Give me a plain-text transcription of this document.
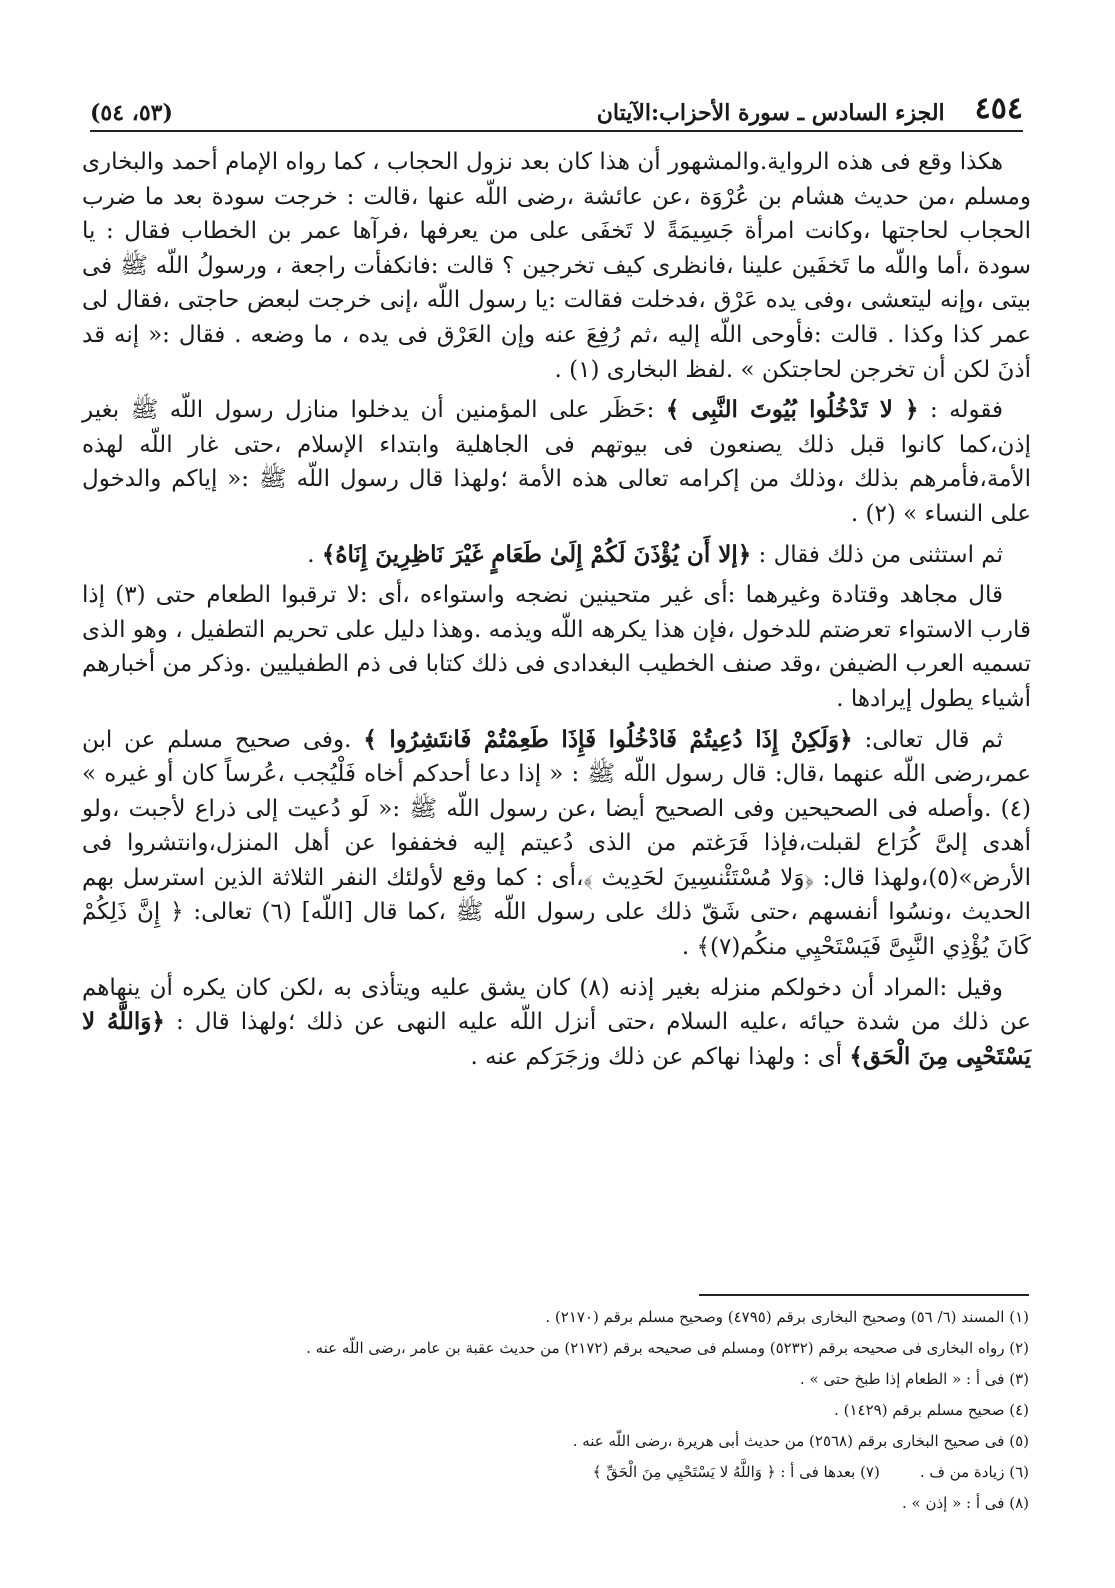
٤٥٤
الجزء السادس ـ سورة الأحزاب:الآيتان
(٥٣، ٥٤)

هكذا وقع فى هذه الرواية.والمشهور أن هذا كان بعد نزول الحجاب ، كما رواه الإمام أحمد والبخارى ومسلم ،من حديث هشام بن عُرْوَة ،عن عائشة ،رضى اللّه عنها ،قالت : خرجت سودة بعد ما ضرب الحجاب لحاجتها ،وكانت امرأة جَسِيمَةً لا تَخفَى على من يعرفها ،فرآها عمر بن الخطاب فقال : يا سودة ،أما واللّه ما تَخفَين علينا ،فانظرى كيف تخرجين ؟ قالت :فانكفأت راجعة ، ورسولُ اللّه ﷺ فى بيتى ،وإنه ليتعشى ،وفى يده عَرْق ،فدخلت فقالت :يا رسول اللّه ،إنى خرجت لبعض حاجتى ،فقال لى عمر كذا وكذا . قالت :فأوحى اللّه إليه ،ثم رُفِعَ عنه وإن العَرْق فى يده ، ما وضعه . فقال :« إنه قد أذنَ لكن أن تخرجن لحاجتكن » .لفظ البخارى (١) .

فقوله : ﴿ لا تَدْخُلُوا بُيُوتَ النَّبِى ﴾ :حَظَر على المؤمنين أن يدخلوا منازل رسول اللّه ﷺ بغير إذن،كما كانوا قبل ذلك يصنعون فى بيوتهم فى الجاهلية وابتداء الإسلام ،حتى غار اللّه لهذه الأمة،فأمرهم بذلك ،وذلك من إكرامه تعالى هذه الأمة ؛ولهذا قال رسول اللّه ﷺ :« إياكم والدخول على النساء » (٢) .

ثم استثنى من ذلك فقال : ﴿إلا أَن يُؤْذَنَ لَكُمْ إِلَىٰ طَعَامٍ غَيْرَ نَاظِرِينَ إِنَاهُ﴾ .

قال مجاهد وقتادة وغيرهما :أى غير متحينين نضجه واستواءه ،أى :لا ترقبوا الطعام حتى (٣) إذا قارب الاستواء تعرضتم للدخول ،فإن هذا يكرهه اللّه ويذمه .وهذا دليل على تحريم التطفيل ، وهو الذى تسميه العرب الضيفن ،وقد صنف الخطيب البغدادى فى ذلك كتابا فى ذم الطفيليين .وذكر من أخبارهم أشياء يطول إيرادها .

ثم قال تعالى: ﴿وَلَكِنْ إِذَا دُعِيتُمْ فَادْخُلُوا فَإِذَا طَعِمْتُمْ فَانتَشِرُوا ﴾ .وفى صحيح مسلم عن ابن عمر،رضى اللّه عنهما ،قال: قال رسول اللّه ﷺ : « إذا دعا أحدكم أخاه فَلْيُجب ،عُرساً كان أو غيره » (٤) .وأصله فى الصحيحين وفى الصحيح أيضا ،عن رسول اللّه ﷺ :« لَو دُعيت إلى ذراع لأجبت ،ولو أهدى إلىَّ كُرَاع لقبلت،فإذا فَرَغتم من الذى دُعيتم إليه فخففوا عن أهل المنزل،وانتشروا فى الأرض»(٥)،ولهذا قال: ﴿وَلا مُسْتَئْنسِينَ لحَدِيث ﴾،أى : كما وقع لأولئك النفر الثلاثة الذين استرسل بهم الحديث ،ونسُوا أنفسهم ،حتى شَقّ ذلك على رسول اللّه ﷺ ،كما قال [اللّه] (٦) تعالى: ﴿ إِنَّ ذَلِكُمْ كَانَ يُؤْذِي النَّبِىَّ فَيَسْتَحْيِي منكُم(٧)﴾ .

وقيل :المراد أن دخولكم منزله بغير إذنه (٨) كان يشق عليه ويتأذى به ،لكن كان يكره أن ينهاهم عن ذلك من شدة حيائه ،عليه السلام ،حتى أنزل اللّه عليه النهى عن ذلك ؛ولهذا قال : ﴿وَاللَّهُ لا يَسْتَحْيِى مِنَ الْحَق﴾ أى : ولهذا نهاكم عن ذلك وزجَرَكم عنه .

(١) المسند (٦/ ٥٦) وصحيح البخارى برقم (٤٧٩٥) وصحيح مسلم برقم (٢١٧٠) .

(٢) رواه البخارى فى صحيحه برقم (٥٢٣٢) ومسلم فى صحيحه برقم (٢١٧٢) من حديث عقبة بن عامر ،رضى اللّه عنه .

(٣) فى أ : « الطعام إذا طبخ حتى » .

(٤) صحيح مسلم برقم (١٤٢٩) .

(٥) فى صحيح البخارى برقم (٢٥٦٨) من حديث أبى هريرة ،رضى اللّه عنه .

(٦) زيادة من ف .
(٧) بعدها فى أ : ﴿ وَاللَّهُ لا يَسْتَحْيِي مِنَ الْحَقِّ ﴾

(٨) فى أ : « إذن » .
